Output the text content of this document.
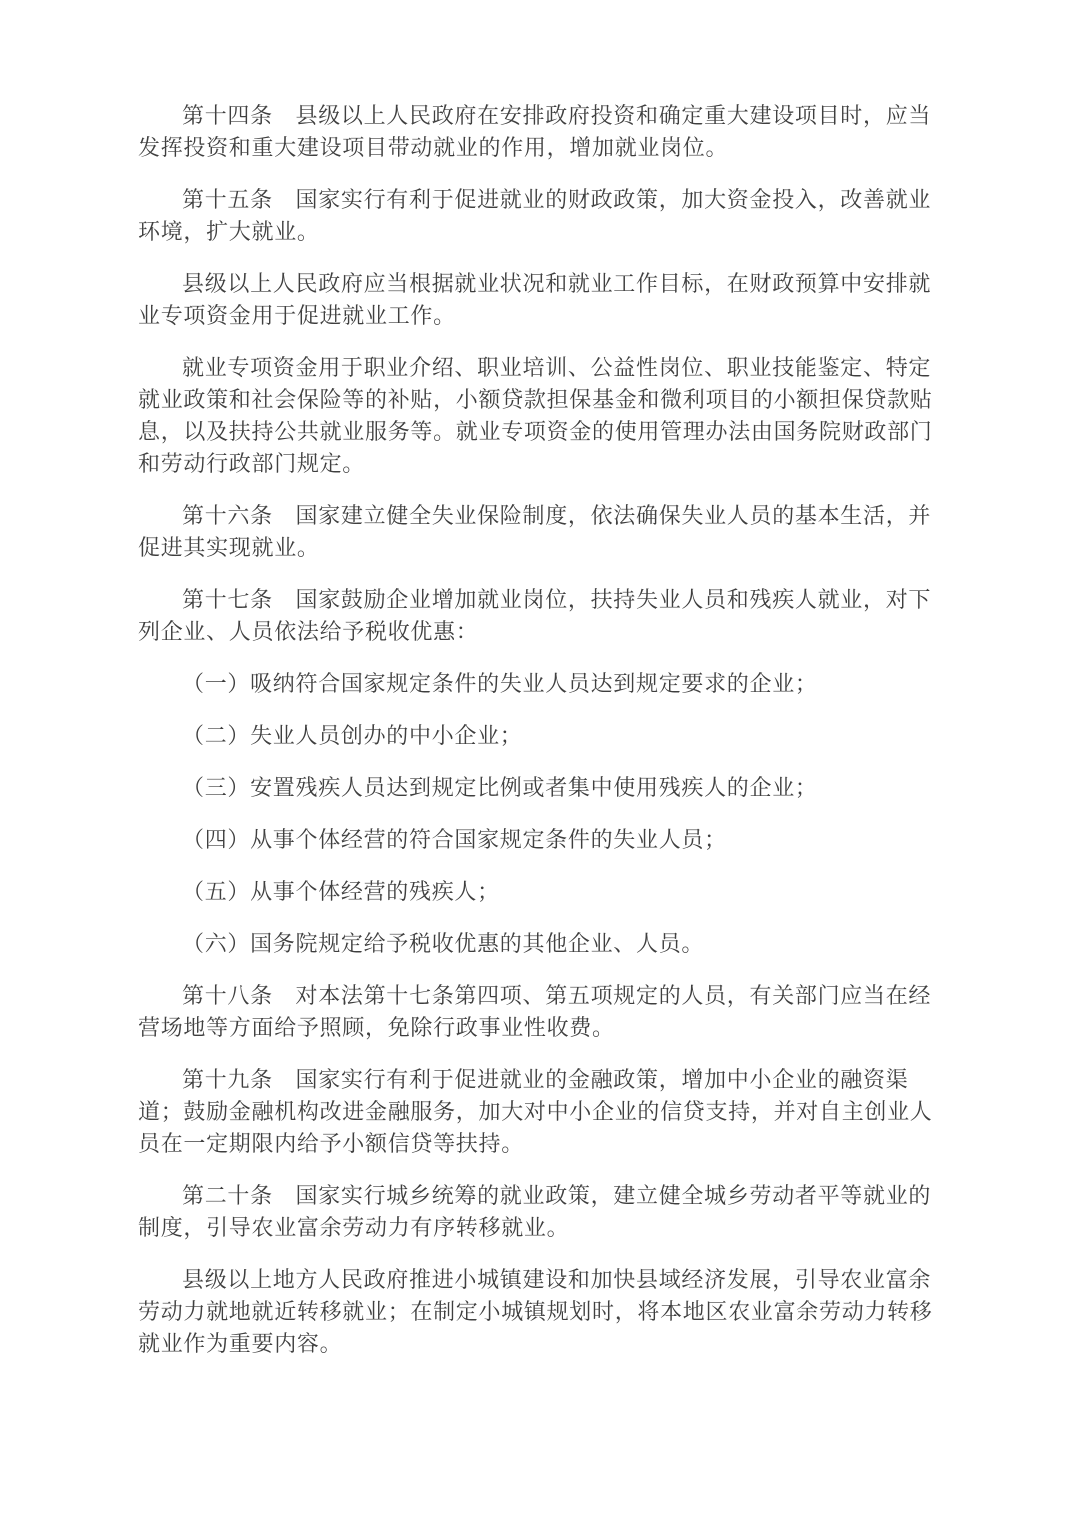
第十四条　县级以上人民政府在安排政府投资和确定重大建设项目时，应当
发挥投资和重大建设项目带动就业的作用，增加就业岗位。
第十五条　国家实行有利于促进就业的财政政策，加大资金投入，改善就业
环境，扩大就业。
县级以上人民政府应当根据就业状况和就业工作目标，在财政预算中安排就
业专项资金用于促进就业工作。
就业专项资金用于职业介绍、职业培训、公益性岗位、职业技能鉴定、特定
就业政策和社会保险等的补贴，小额贷款担保基金和微利项目的小额担保贷款贴
息，以及扶持公共就业服务等。就业专项资金的使用管理办法由国务院财政部门
和劳动行政部门规定。
第十六条　国家建立健全失业保险制度，依法确保失业人员的基本生活，并
促进其实现就业。
第十七条　国家鼓励企业增加就业岗位，扶持失业人员和残疾人就业，对下
列企业、人员依法给予税收优惠：
（一）吸纳符合国家规定条件的失业人员达到规定要求的企业；
（二）失业人员创办的中小企业；
（三）安置残疾人员达到规定比例或者集中使用残疾人的企业；
（四）从事个体经营的符合国家规定条件的失业人员；
（五）从事个体经营的残疾人；
（六）国务院规定给予税收优惠的其他企业、人员。
第十八条　对本法第十七条第四项、第五项规定的人员，有关部门应当在经
营场地等方面给予照顾，免除行政事业性收费。
第十九条　国家实行有利于促进就业的金融政策，增加中小企业的融资渠
道；鼓励金融机构改进金融服务，加大对中小企业的信贷支持，并对自主创业人
员在一定期限内给予小额信贷等扶持。
第二十条　国家实行城乡统筹的就业政策，建立健全城乡劳动者平等就业的
制度，引导农业富余劳动力有序转移就业。
县级以上地方人民政府推进小城镇建设和加快县域经济发展，引导农业富余
劳动力就地就近转移就业；在制定小城镇规划时，将本地区农业富余劳动力转移
就业作为重要内容。
